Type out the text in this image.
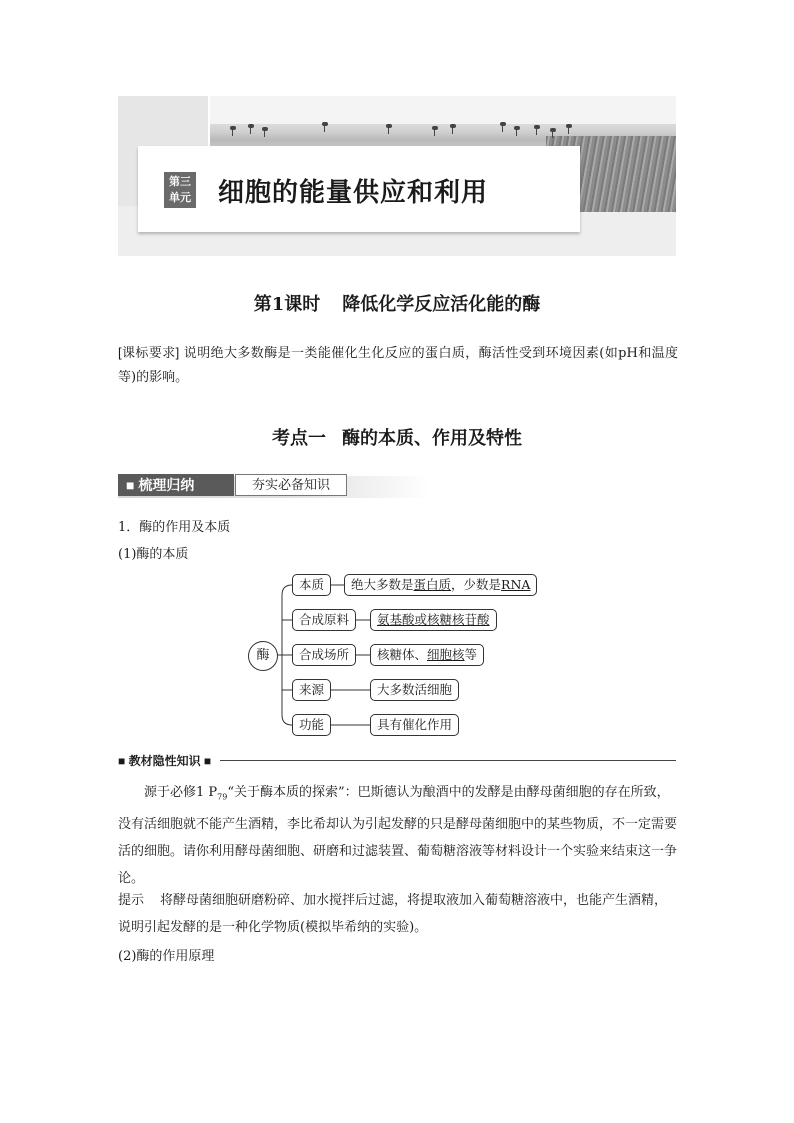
第三
单元 细胞的能量供应和利用
第1课时 降低化学反应活化能的酶
[课标要求] 说明绝大多数酶是一类能催化生化反应的蛋白质，酶活性受到环境因素(如pH和温度等)的影响。
考点一 酶的本质、作用及特性
■ 梳理归纳	夯实必备知识
1．酶的作用及本质
(1)酶的本质
酶
本质	绝大多数是蛋白质，少数是RNA
合成原料	氨基酸或核糖核苷酸
合成场所	核糖体、细胞核等
来源	大多数活细胞
功能	具有催化作用
■ 教材隐性知识 ■
源于必修1 $P_{79}“$关于酶本质的探索”：巴斯德认为酿酒中的发酵是由酵母菌细胞的存在所致，没有活细胞就不能产生酒精，李比希却认为引起发酵的只是酵母菌细胞中的某些物质，不一定需要活的细胞。请你利用酵母菌细胞、研磨和过滤装置、葡萄糖溶液等材料设计一个实验来结束这一争论。
提示 将酵母菌细胞研磨粉碎、加水搅拌后过滤，将提取液加入葡萄糖溶液中，也能产生酒精，说明引起发酵的是一种化学物质(模拟毕希纳的实验)。
(2)酶的作用原理
